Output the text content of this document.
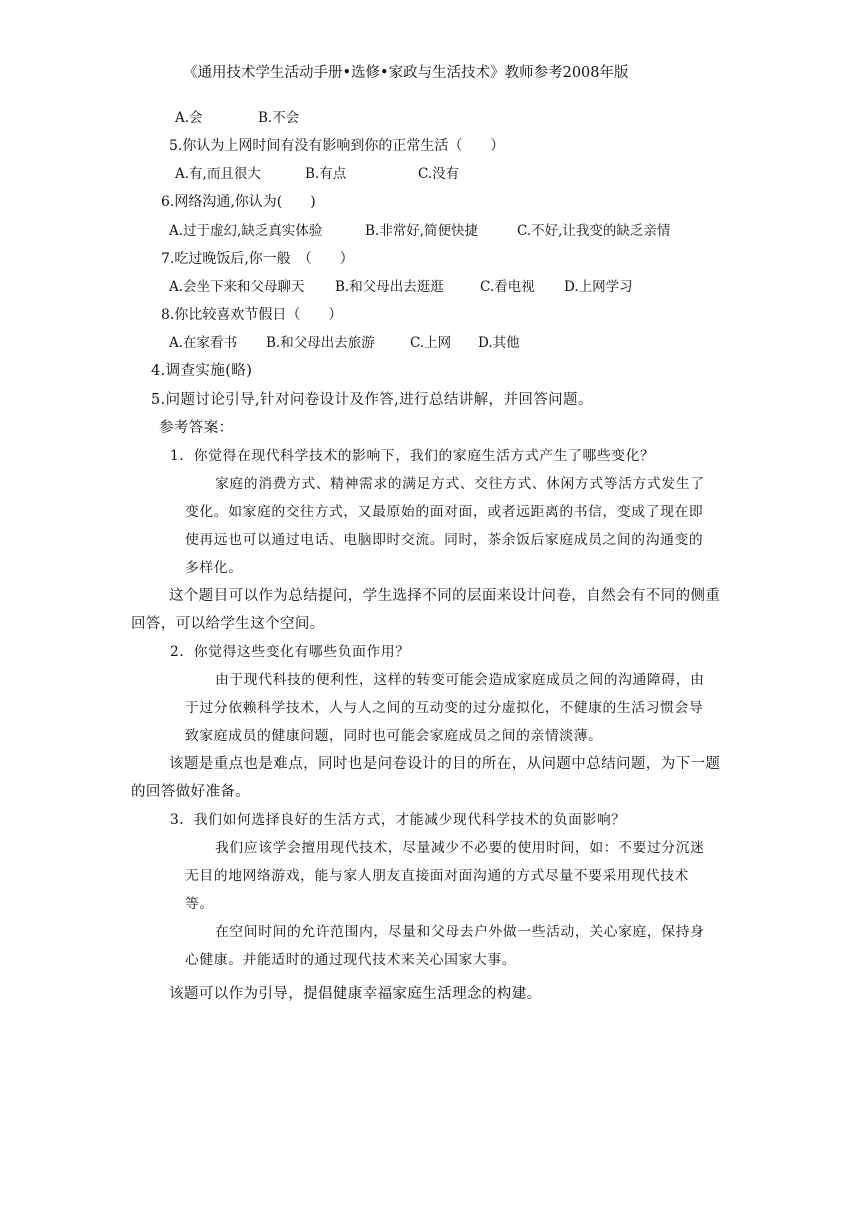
《通用技术学生活动手册•选修•家政与生活技术》教师参考2008年版
A.会	B.不会
5.你认为上网时间有没有影响到你的正常生活（　　）
A.有,而且很大	B.有点	C.没有
6.网络沟通,你认为(　　)
A.过于虚幻,缺乏真实体验	B.非常好,简便快捷	C.不好,让我变的缺乏亲情
7.吃过晚饭后,你一般　（　　）
A.会坐下来和父母聊天 B.和父母出去逛逛	C.看电视 D.上网学习
8.你比较喜欢节假日（　　）
A.在家看书 B.和父母出去旅游	C.上网 D.其他
4.调查实施(略)
5.问题讨论引导,针对问卷设计及作答,进行总结讲解，并回答问题。
参考答案：
1．你觉得在现代科学技术的影响下，我们的家庭生活方式产生了哪些变化？
家庭的消费方式、精神需求的满足方式、交往方式、休闲方式等活方式发生了
变化。如家庭的交往方式，又最原始的面对面，或者远距离的书信，变成了现在即
使再远也可以通过电话、电脑即时交流。同时，茶余饭后家庭成员之间的沟通变的
多样化。
这个题目可以作为总结提问，学生选择不同的层面来设计问卷，自然会有不同的侧重
回答，可以给学生这个空间。
2．你觉得这些变化有哪些负面作用？
由于现代科技的便利性，这样的转变可能会造成家庭成员之间的沟通障碍，由
于过分依赖科学技术，人与人之间的互动变的过分虚拟化，不健康的生活习惯会导
致家庭成员的健康问题，同时也可能会家庭成员之间的亲情淡薄。
该题是重点也是难点，同时也是问卷设计的目的所在，从问题中总结问题，为下一题
的回答做好准备。
3．我们如何选择良好的生活方式，才能减少现代科学技术的负面影响？
我们应该学会擅用现代技术，尽量减少不必要的使用时间，如：不要过分沉迷
无目的地网络游戏，能与家人朋友直接面对面沟通的方式尽量不要采用现代技术
等。
在空间时间的允许范围内，尽量和父母去户外做一些活动，关心家庭，保持身
心健康。并能适时的通过现代技术来关心国家大事。
该题可以作为引导，提倡健康幸福家庭生活理念的构建。
